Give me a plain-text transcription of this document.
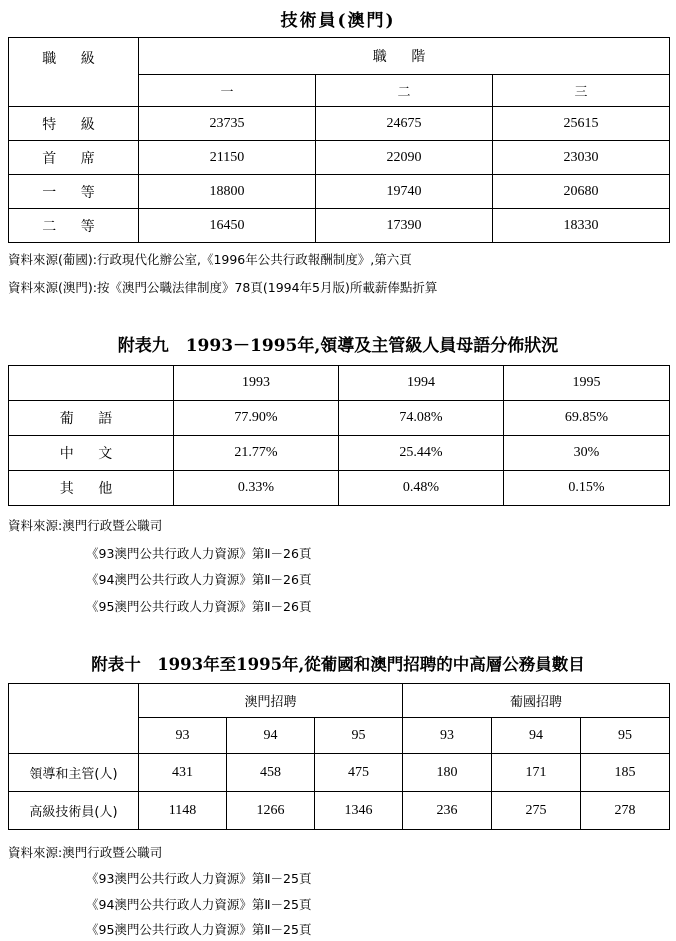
技術員(澳門)
職 級	職 階		
	一	二	三
特 級	23735	24675	25615
首 席	21150	22090	23030
一 等	18800	19740	20680
二 等	16450	17390	18330
資料來源(葡國):行政現代化辦公室,《1996年公共行政報酬制度》,第六頁
資料來源(澳門):按《澳門公職法律制度》78頁(1994年5月版)所載薪俸點折算
附表九　1993－1995年,領導及主管級人員母語分佈狀況
	1993	1994	1995
葡 語	77.90%	74.08%	69.85%
中 文	21.77%	25.44%	30%
其 他	0.33%	0.48%	0.15%
資料來源:澳門行政暨公職司
《93澳門公共行政人力資源》第Ⅱ－26頁
《94澳門公共行政人力資源》第Ⅱ－26頁
《95澳門公共行政人力資源》第Ⅱ－26頁
附表十　1993年至1995年,從葡國和澳門招聘的中高層公務員數目
	澳門招聘			葡國招聘		
	93	94	95	93	94	95
領導和主管(人)	431	458	475	180	171	185
高級技術員(人)	1148	1266	1346	236	275	278
資料來源:澳門行政暨公職司
《93澳門公共行政人力資源》第Ⅱ－25頁
《94澳門公共行政人力資源》第Ⅱ－25頁
《95澳門公共行政人力資源》第Ⅱ－25頁
